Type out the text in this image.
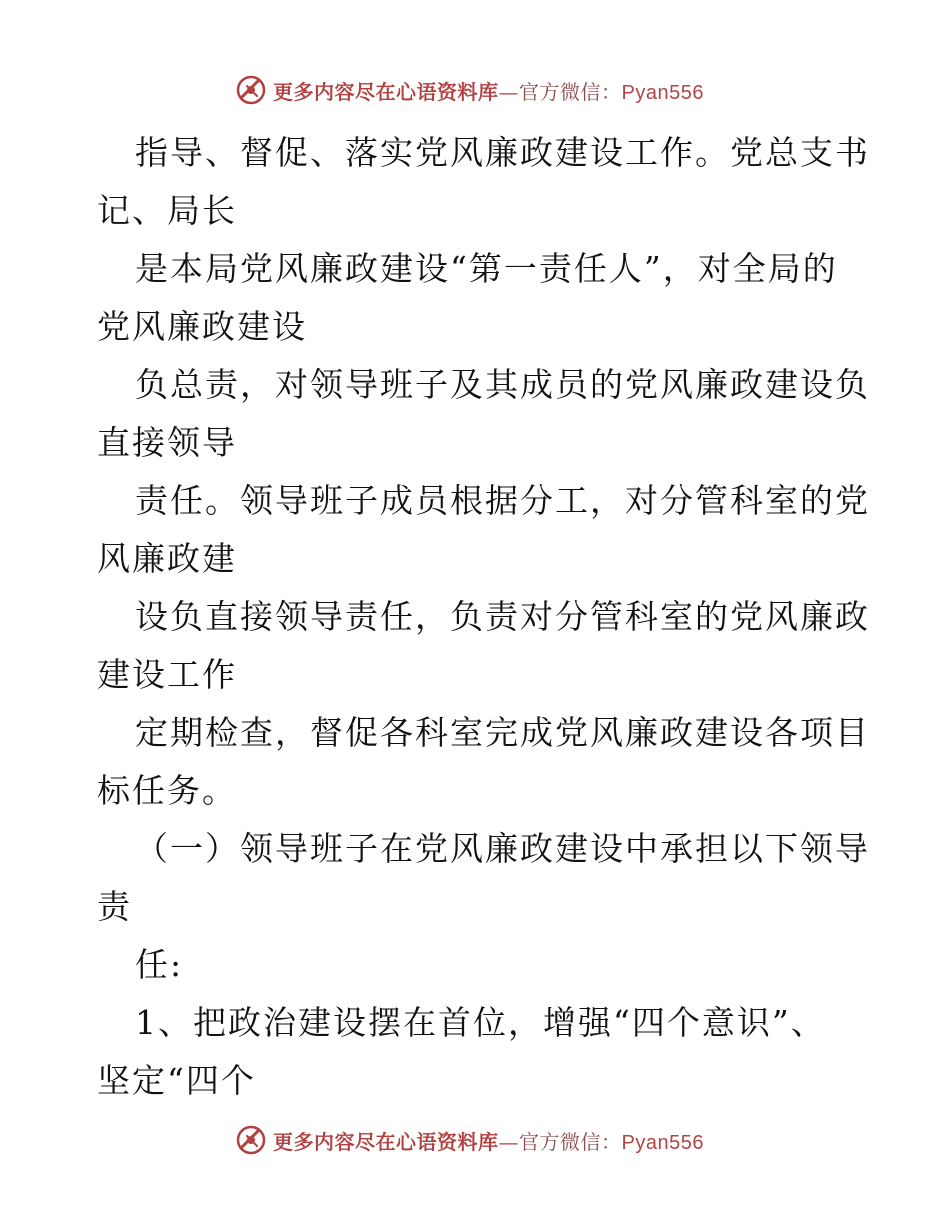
更多内容尽在心语资料库—官方微信：Pyan556
指导、督促、落实党风廉政建设工作。党总支书
记、局长
是本局党风廉政建设“第一责任人”，对全局的
党风廉政建设
负总责，对领导班子及其成员的党风廉政建设负
直接领导
责任。领导班子成员根据分工，对分管科室的党
风廉政建
设负直接领导责任，负责对分管科室的党风廉政
建设工作
定期检查，督促各科室完成党风廉政建设各项目
标任务。
（一）领导班子在党风廉政建设中承担以下领导
责
任:
1、把政治建设摆在首位，增强“四个意识”、
坚定“四个
更多内容尽在心语资料库—官方微信：Pyan556
